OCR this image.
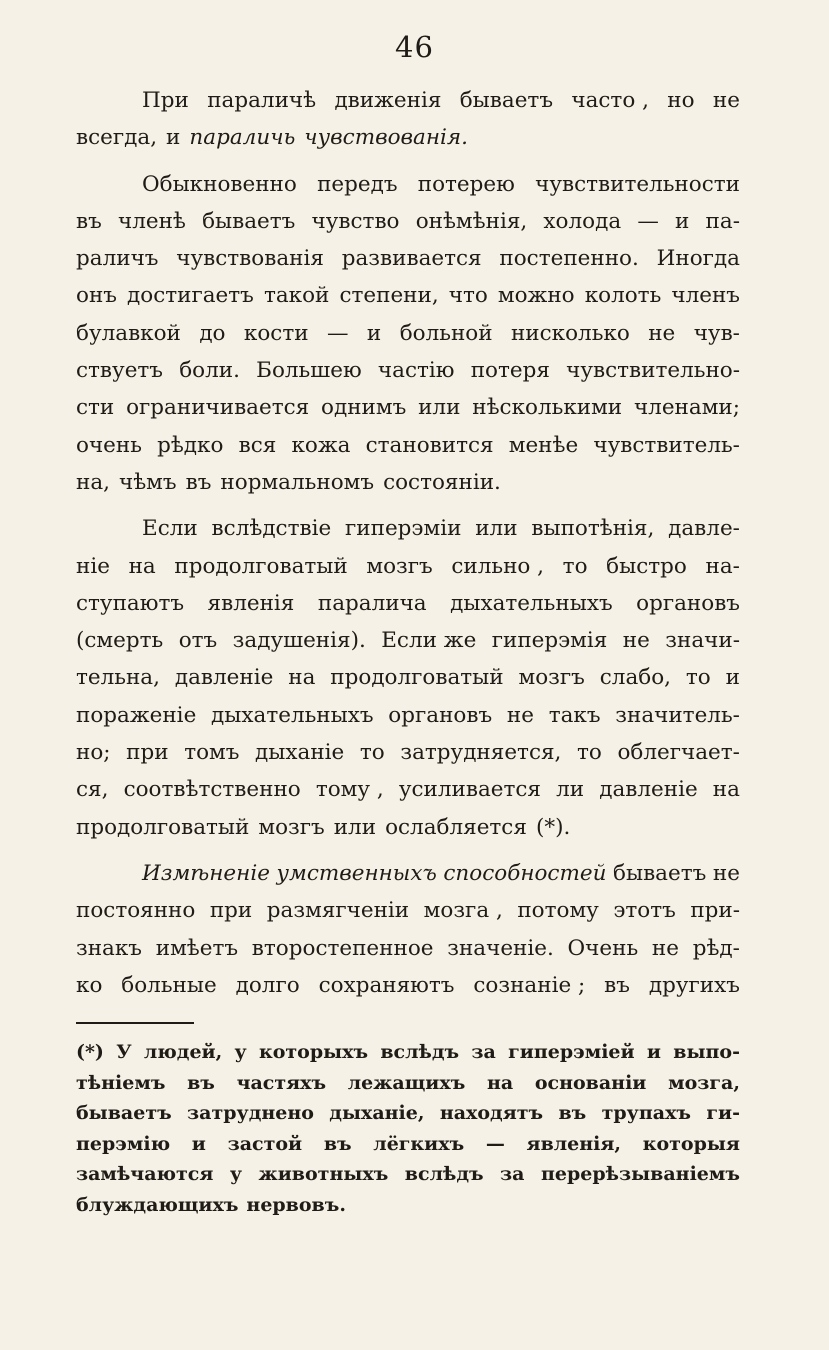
46
При параличѣ движенія бываетъ часто , но не
всегда, и параличь чувствованія.
Обыкновенно передъ потерею чувствительности
въ членѣ бываетъ чувство онѣмѣнія, холода — и па-
раличъ чувствованія развивается постепенно. Иногда
онъ достигаетъ такой степени, что можно колоть членъ
булавкой до кости — и больной нисколько не чув-
ствуетъ боли. Большею частію потеря чувствительно-
сти ограничивается однимъ или нѣсколькими членами;
очень рѣдко вся кожа становится менѣе чувствитель-
на, чѣмъ въ нормальномъ состояніи.
Если вслѣдствіе гиперэміи или выпотѣнія, давле-
ніе на продолговатый мозгъ сильно , то быстро на-
ступаютъ явленія паралича дыхательныхъ органовъ
(смерть отъ задушенія). Если же гиперэмія не значи-
тельна, давленіе на продолговатый мозгъ слабо, то и
пораженіе дыхательныхъ органовъ не такъ значитель-
но; при томъ дыханіе то затрудняется, то облегчает-
ся, соотвѣтственно тому , усиливается ли давленіе на
продолговатый мозгъ или ослабляется (*).
Измѣненіе умственныхъ способностей бываетъ не
постоянно при размягченіи мозга , потому этотъ при-
знакъ имѣетъ второстепенное значеніе. Очень не рѣд-
ко больные долго сохраняютъ сознаніе ; въ другихъ
(*) У людей, у которыхъ вслѣдъ за гиперэміей и выпо-
тѣніемъ въ частяхъ лежащихъ на основаніи мозга,
бываетъ затруднено дыханіе, находятъ въ трупахъ ги-
перэмію и застой въ лёгкихъ — явленія, которыя
замѣчаются у животныхъ вслѣдъ за перерѣзываніемъ
блуждающихъ нервовъ.
